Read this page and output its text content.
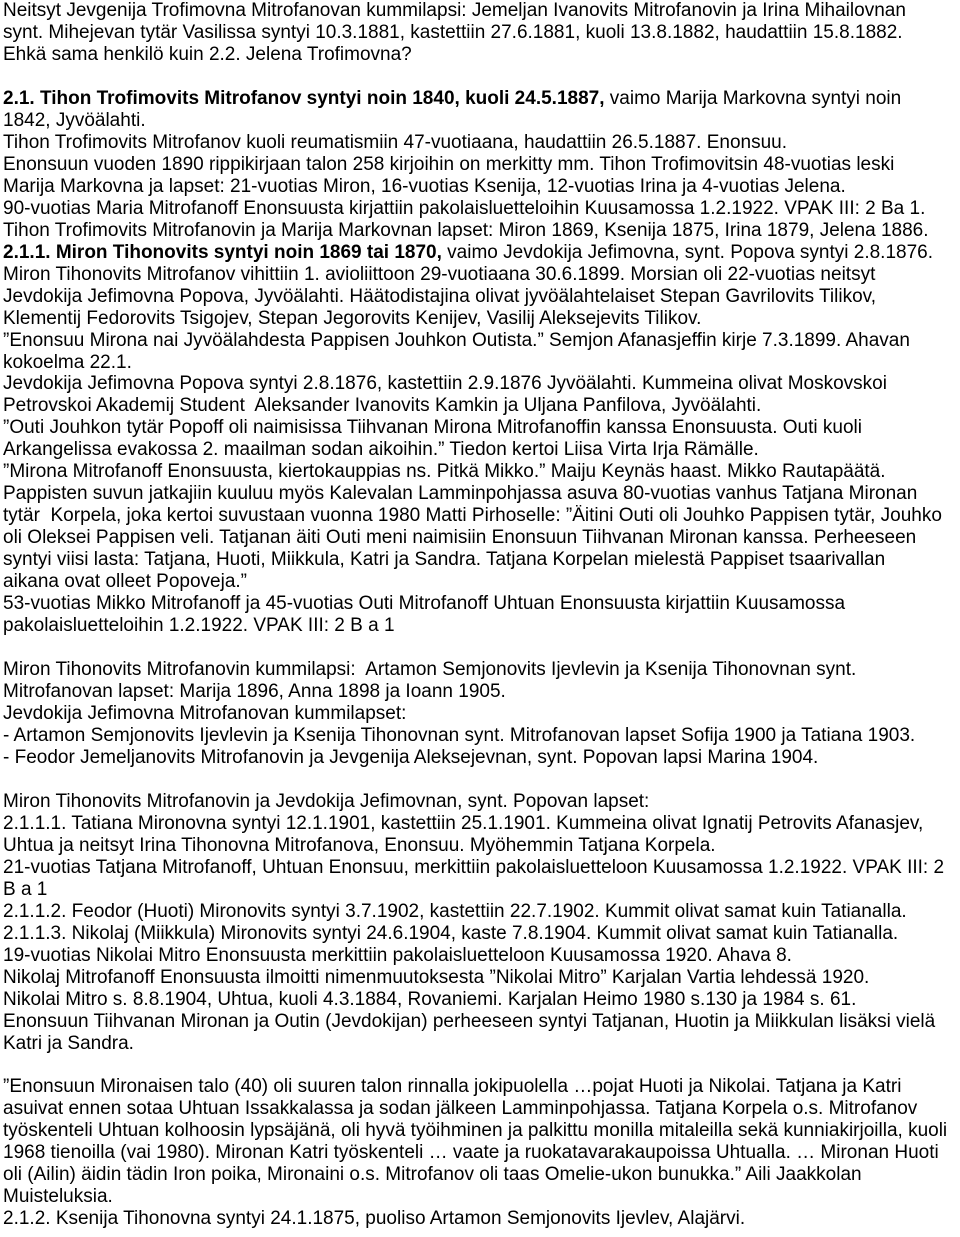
Neitsyt Jevgenija Trofimovna Mitrofanovan kummilapsi: Jemeljan Ivanovits Mitrofanovin ja Irina Mihailovnan
synt. Mihejevan tytär Vasilissa syntyi 10.3.1881, kastettiin 27.6.1881, kuoli 13.8.1882, haudattiin 15.8.1882.
Ehkä sama henkilö kuin 2.2. Jelena Trofimovna?
2.1. Tihon Trofimovits Mitrofanov syntyi noin 1840, kuoli 24.5.1887, vaimo Marija Markovna syntyi noin
1842, Jyvöälahti.
Tihon Trofimovits Mitrofanov kuoli reumatismiin 47-vuotiaana, haudattiin 26.5.1887. Enonsuu.
Enonsuun vuoden 1890 rippikirjaan talon 258 kirjoihin on merkitty mm. Tihon Trofimovitsin 48-vuotias leski
Marija Markovna ja lapset: 21-vuotias Miron, 16-vuotias Ksenija, 12-vuotias Irina ja 4-vuotias Jelena.
90-vuotias Maria Mitrofanoff Enonsuusta kirjattiin pakolaisluetteloihin Kuusamossa 1.2.1922. VPAK III: 2 Ba 1.
Tihon Trofimovits Mitrofanovin ja Marija Markovnan lapset: Miron 1869, Ksenija 1875, Irina 1879, Jelena 1886.
2.1.1. Miron Tihonovits syntyi noin 1869 tai 1870, vaimo Jevdokija Jefimovna, synt. Popova syntyi 2.8.1876.
Miron Tihonovits Mitrofanov vihittiin 1. avioliittoon 29-vuotiaana 30.6.1899. Morsian oli 22-vuotias neitsyt
Jevdokija Jefimovna Popova, Jyvöälahti. Häätodistajina olivat jyvöälahtelaiset Stepan Gavrilovits Tilikov,
Klementij Fedorovits Tsigojev, Stepan Jegorovits Kenijev, Vasilij Aleksejevits Tilikov.
”Enonsuu Mirona nai Jyvöälahdesta Pappisen Jouhkon Outista.” Semjon Afanasjeffin kirje 7.3.1899. Ahavan
kokoelma 22.1.
Jevdokija Jefimovna Popova syntyi 2.8.1876, kastettiin 2.9.1876 Jyvöälahti. Kummeina olivat Moskovskoi
Petrovskoi Akademij Student  Aleksander Ivanovits Kamkin ja Uljana Panfilova, Jyvöälahti.
”Outi Jouhkon tytär Popoff oli naimisissa Tiihvanan Mirona Mitrofanoffin kanssa Enonsuusta. Outi kuoli
Arkangelissa evakossa 2. maailman sodan aikoihin.” Tiedon kertoi Liisa Virta Irja Rämälle.
”Mirona Mitrofanoff Enonsuusta, kiertokauppias ns. Pitkä Mikko.” Maiju Keynäs haast. Mikko Rautapäätä.
Pappisten suvun jatkajiin kuuluu myös Kalevalan Lamminpohjassa asuva 80-vuotias vanhus Tatjana Mironan
tytär  Korpela, joka kertoi suvustaan vuonna 1980 Matti Pirhoselle: ”Äitini Outi oli Jouhko Pappisen tytär, Jouhko
oli Oleksei Pappisen veli. Tatjanan äiti Outi meni naimisiin Enonsuun Tiihvanan Mironan kanssa. Perheeseen
syntyi viisi lasta: Tatjana, Huoti, Miikkula, Katri ja Sandra. Tatjana Korpelan mielestä Pappiset tsaarivallan
aikana ovat olleet Popoveja.”
53-vuotias Mikko Mitrofanoff ja 45-vuotias Outi Mitrofanoff Uhtuan Enonsuusta kirjattiin Kuusamossa
pakolaisluetteloihin 1.2.1922. VPAK III: 2 B a 1
Miron Tihonovits Mitrofanovin kummilapsi:  Artamon Semjonovits Ijevlevin ja Ksenija Tihonovnan synt.
Mitrofanovan lapset: Marija 1896, Anna 1898 ja Ioann 1905.
Jevdokija Jefimovna Mitrofanovan kummilapset:
- Artamon Semjonovits Ijevlevin ja Ksenija Tihonovnan synt. Mitrofanovan lapset Sofija 1900 ja Tatiana 1903.
- Feodor Jemeljanovits Mitrofanovin ja Jevgenija Aleksejevnan, synt. Popovan lapsi Marina 1904.
Miron Tihonovits Mitrofanovin ja Jevdokija Jefimovnan, synt. Popovan lapset:
2.1.1.1. Tatiana Mironovna syntyi 12.1.1901, kastettiin 25.1.1901. Kummeina olivat Ignatij Petrovits Afanasjev,
Uhtua ja neitsyt Irina Tihonovna Mitrofanova, Enonsuu. Myöhemmin Tatjana Korpela.
21-vuotias Tatjana Mitrofanoff, Uhtuan Enonsuu, merkittiin pakolaisluetteloon Kuusamossa 1.2.1922. VPAK III: 2
B a 1
2.1.1.2. Feodor (Huoti) Mironovits syntyi 3.7.1902, kastettiin 22.7.1902. Kummit olivat samat kuin Tatianalla.
2.1.1.3. Nikolaj (Miikkula) Mironovits syntyi 24.6.1904, kaste 7.8.1904. Kummit olivat samat kuin Tatianalla.
19-vuotias Nikolai Mitro Enonsuusta merkittiin pakolaisluetteloon Kuusamossa 1920. Ahava 8.
Nikolaj Mitrofanoff Enonsuusta ilmoitti nimenmuutoksesta ”Nikolai Mitro” Karjalan Vartia lehdessä 1920.
Nikolai Mitro s. 8.8.1904, Uhtua, kuoli 4.3.1884, Rovaniemi. Karjalan Heimo 1980 s.130 ja 1984 s. 61.
Enonsuun Tiihvanan Mironan ja Outin (Jevdokijan) perheeseen syntyi Tatjanan, Huotin ja Miikkulan lisäksi vielä
Katri ja Sandra.
”Enonsuun Mironaisen talo (40) oli suuren talon rinnalla jokipuolella …pojat Huoti ja Nikolai. Tatjana ja Katri
asuivat ennen sotaa Uhtuan Issakkalassa ja sodan jälkeen Lamminpohjassa. Tatjana Korpela o.s. Mitrofanov
työskenteli Uhtuan kolhoosin lypsäjänä, oli hyvä työihminen ja palkittu monilla mitaleilla sekä kunniakirjoilla, kuoli
1968 tienoilla (vai 1980). Mironan Katri työskenteli … vaate ja ruokatavarakaupoissa Uhtualla. … Mironan Huoti
oli (Ailin) äidin tädin Iron poika, Mironaini o.s. Mitrofanov oli taas Omelie-ukon bunukka.” Aili Jaakkolan
Muisteluksia.
2.1.2. Ksenija Tihonovna syntyi 24.1.1875, puoliso Artamon Semjonovits Ijevlev, Alajärvi.
